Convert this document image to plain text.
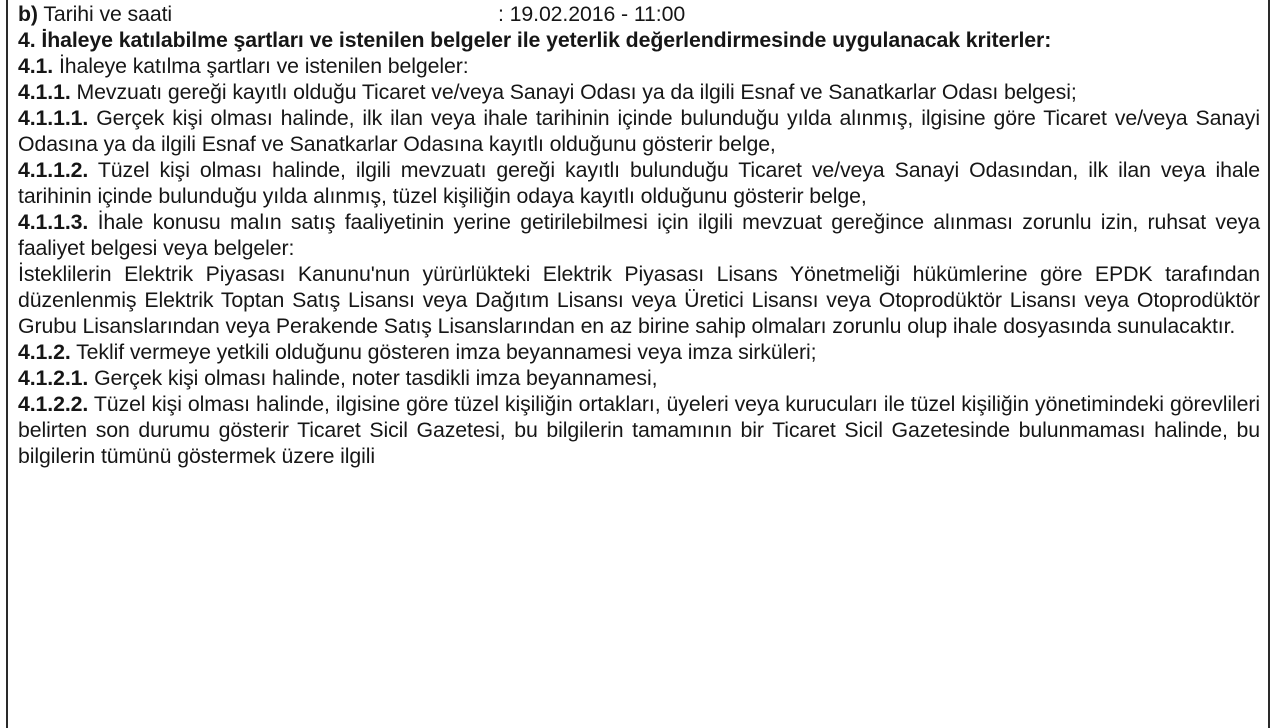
b) Tarihi ve saati	: 19.02.2016 - 11:00

4. İhaleye katılabilme şartları ve istenilen belgeler ile yeterlik değerlendirmesinde uygulanacak kriterler:

4.1. İhaleye katılma şartları ve istenilen belgeler:

4.1.1. Mevzuatı gereği kayıtlı olduğu Ticaret ve/veya Sanayi Odası ya da ilgili Esnaf ve Sanatkarlar Odası belgesi;

4.1.1.1. Gerçek kişi olması halinde, ilk ilan veya ihale tarihinin içinde bulunduğu yılda alınmış, ilgisine göre Ticaret ve/veya Sanayi Odasına ya da ilgili Esnaf ve Sanatkarlar Odasına kayıtlı olduğunu gösterir belge,

4.1.1.2. Tüzel kişi olması halinde, ilgili mevzuatı gereği kayıtlı bulunduğu Ticaret ve/veya Sanayi Odasından, ilk ilan veya ihale tarihinin içinde bulunduğu yılda alınmış, tüzel kişiliğin odaya kayıtlı olduğunu gösterir belge,

4.1.1.3. İhale konusu malın satış faaliyetinin yerine getirilebilmesi için ilgili mevzuat gereğince alınması zorunlu izin, ruhsat veya faaliyet belgesi veya belgeler:

İsteklilerin Elektrik Piyasası Kanunu'nun yürürlükteki Elektrik Piyasası Lisans Yönetmeliği hükümlerine göre EPDK tarafından düzenlenmiş Elektrik Toptan Satış Lisansı veya Dağıtım Lisansı veya Üretici Lisansı veya Otoprodüktör Lisansı veya Otoprodüktör Grubu Lisanslarından veya Perakende Satış Lisanslarından en az birine sahip olmaları zorunlu olup ihale dosyasında sunulacaktır.

4.1.2. Teklif vermeye yetkili olduğunu gösteren imza beyannamesi veya imza sirküleri;

4.1.2.1. Gerçek kişi olması halinde, noter tasdikli imza beyannamesi,

4.1.2.2. Tüzel kişi olması halinde, ilgisine göre tüzel kişiliğin ortakları, üyeleri veya kurucuları ile tüzel kişiliğin yönetimindeki görevlileri belirten son durumu gösterir Ticaret Sicil Gazetesi, bu bilgilerin tamamının bir Ticaret Sicil Gazetesinde bulunmaması halinde, bu bilgilerin tümünü göstermek üzere ilgili
